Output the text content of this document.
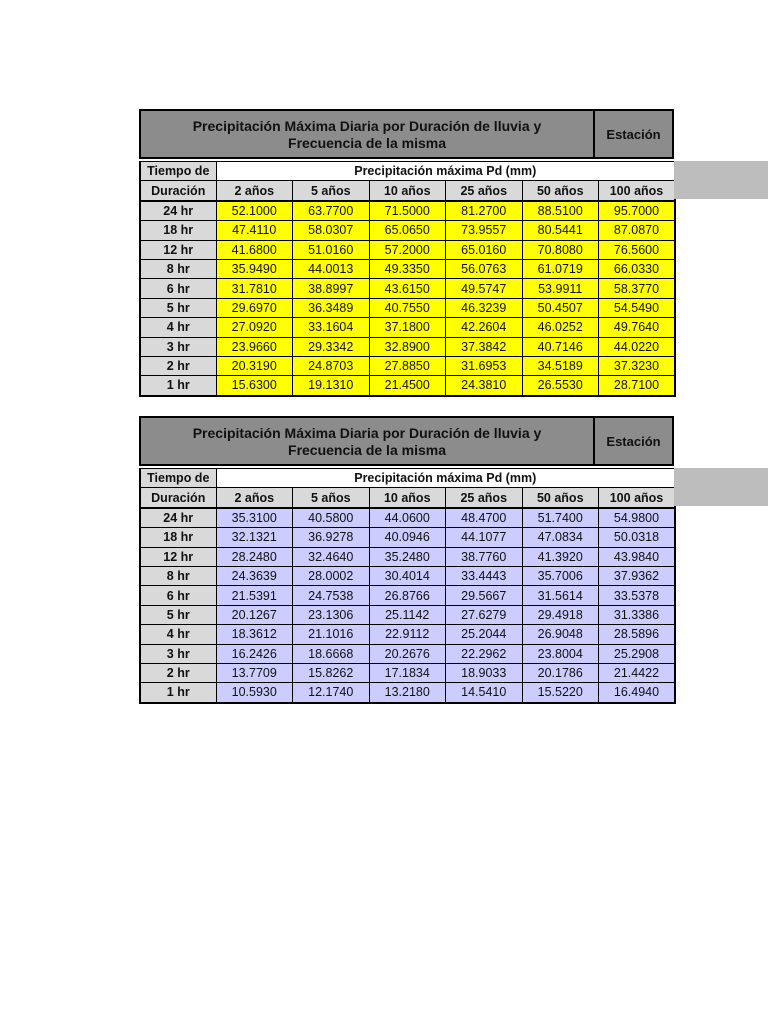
Precipitación Máxima Diaria por Duración de lluvia y
Frecuencia de la misma
Estación
Tiempo de	Precipitación máxima Pd (mm)					
Duración	2 años	5 años	10 años	25 años	50 años	100 años
24 hr	52.1000	63.7700	71.5000	81.2700	88.5100	95.7000
18 hr	47.4110	58.0307	65.0650	73.9557	80.5441	87.0870
12 hr	41.6800	51.0160	57.2000	65.0160	70.8080	76.5600
8 hr	35.9490	44.0013	49.3350	56.0763	61.0719	66.0330
6 hr	31.7810	38.8997	43.6150	49.5747	53.9911	58.3770
5 hr	29.6970	36.3489	40.7550	46.3239	50.4507	54.5490
4 hr	27.0920	33.1604	37.1800	42.2604	46.0252	49.7640
3 hr	23.9660	29.3342	32.8900	37.3842	40.7146	44.0220
2 hr	20.3190	24.8703	27.8850	31.6953	34.5189	37.3230
1 hr	15.6300	19.1310	21.4500	24.3810	26.5530	28.7100
Precipitación Máxima Diaria por Duración de lluvia y
Frecuencia de la misma
Estación
Tiempo de	Precipitación máxima Pd (mm)					
Duración	2 años	5 años	10 años	25 años	50 años	100 años
24 hr	35.3100	40.5800	44.0600	48.4700	51.7400	54.9800
18 hr	32.1321	36.9278	40.0946	44.1077	47.0834	50.0318
12 hr	28.2480	32.4640	35.2480	38.7760	41.3920	43.9840
8 hr	24.3639	28.0002	30.4014	33.4443	35.7006	37.9362
6 hr	21.5391	24.7538	26.8766	29.5667	31.5614	33.5378
5 hr	20.1267	23.1306	25.1142	27.6279	29.4918	31.3386
4 hr	18.3612	21.1016	22.9112	25.2044	26.9048	28.5896
3 hr	16.2426	18.6668	20.2676	22.2962	23.8004	25.2908
2 hr	13.7709	15.8262	17.1834	18.9033	20.1786	21.4422
1 hr	10.5930	12.1740	13.2180	14.5410	15.5220	16.4940
